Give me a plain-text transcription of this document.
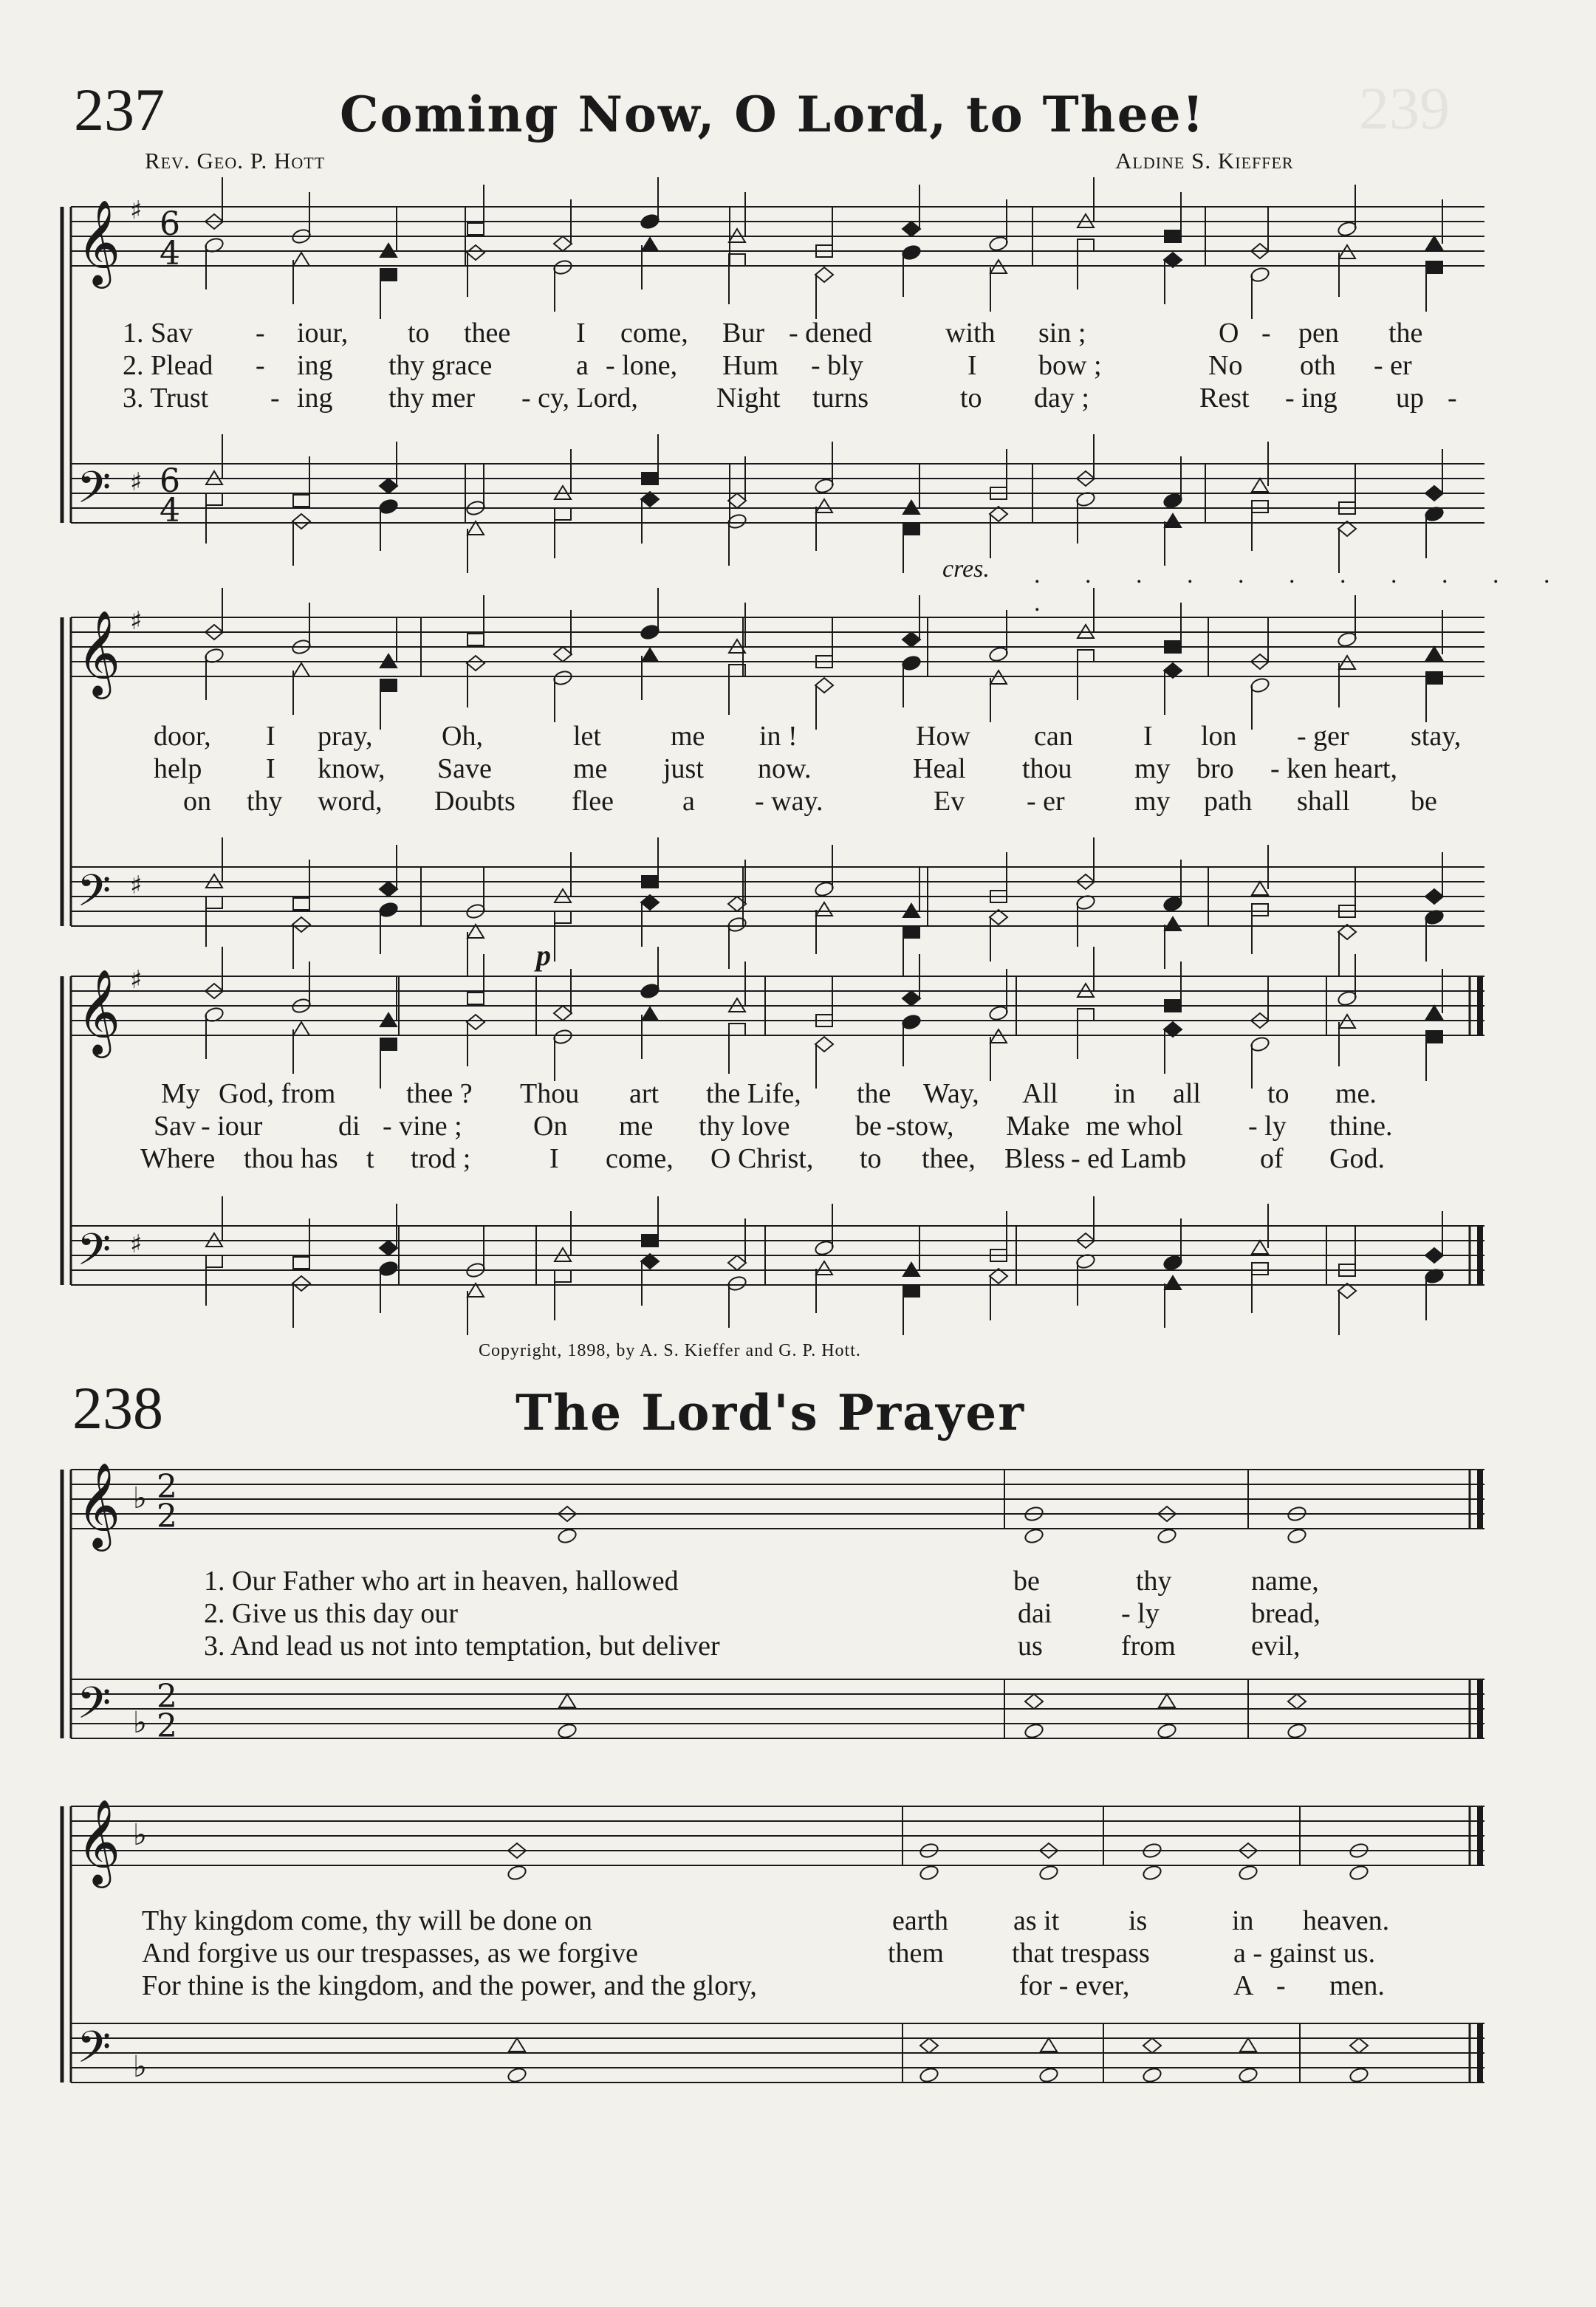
239
237	Coming Now, O Lord, to Thee!
Rev. Geo. P. Hott	Aldine S. Kieffer
1. Sav - iour, to thee I come, Bur - dened	with sin ;	O - pen the
2. Plead - ing thy grace	a - lone, Hum - bly	I bow ;	No oth - er
3. Trust - ing thy mer - cy, Lord,	Night turns	to day ;	Rest - ing up -
cres. . . . . . . . . . . . .
door, I pray, Oh,	let me in !	How can	I lon - ger stay,
help I know, Save	me just now.	Heal thou my bro - ken heart,
on thy word, Doubts flee a - way.	Ev - er my path shall be
p
My God, from	thee ? Thou art the Life, the Way, All in all to me.
Sav - iour	di - vine ;	On me thy love be -stow, Make me whol - ly thine.
Where thou has t trod ;	I come, O Christ, to thee, Bless - ed Lamb	of God.
Copyright, 1898, by A. S. Kieffer and G. P. Hott.
238	The Lord's Prayer
1. Our Father who art in heaven, hallowed	be	thy	name,
2. Give us this day our	dai - ly	bread,
3. And lead us not into temptation, but deliver	us	from	evil,
Thy kingdom come, thy will be done on	earth as it is	in heaven.
And forgive us our trespasses, as we forgive	them that trespass	a - gainst us.
For thine is the kingdom, and the power, and the glory,	for - ever,	A - men.
𝄞
𝄢
♯
♯
6
4
6
4
𝄞
𝄢
♯
♯
𝄞
𝄢
♯
♯
𝄞
𝄢
♭
♭
2
2
2
2
𝄞
𝄢
♭
♭
